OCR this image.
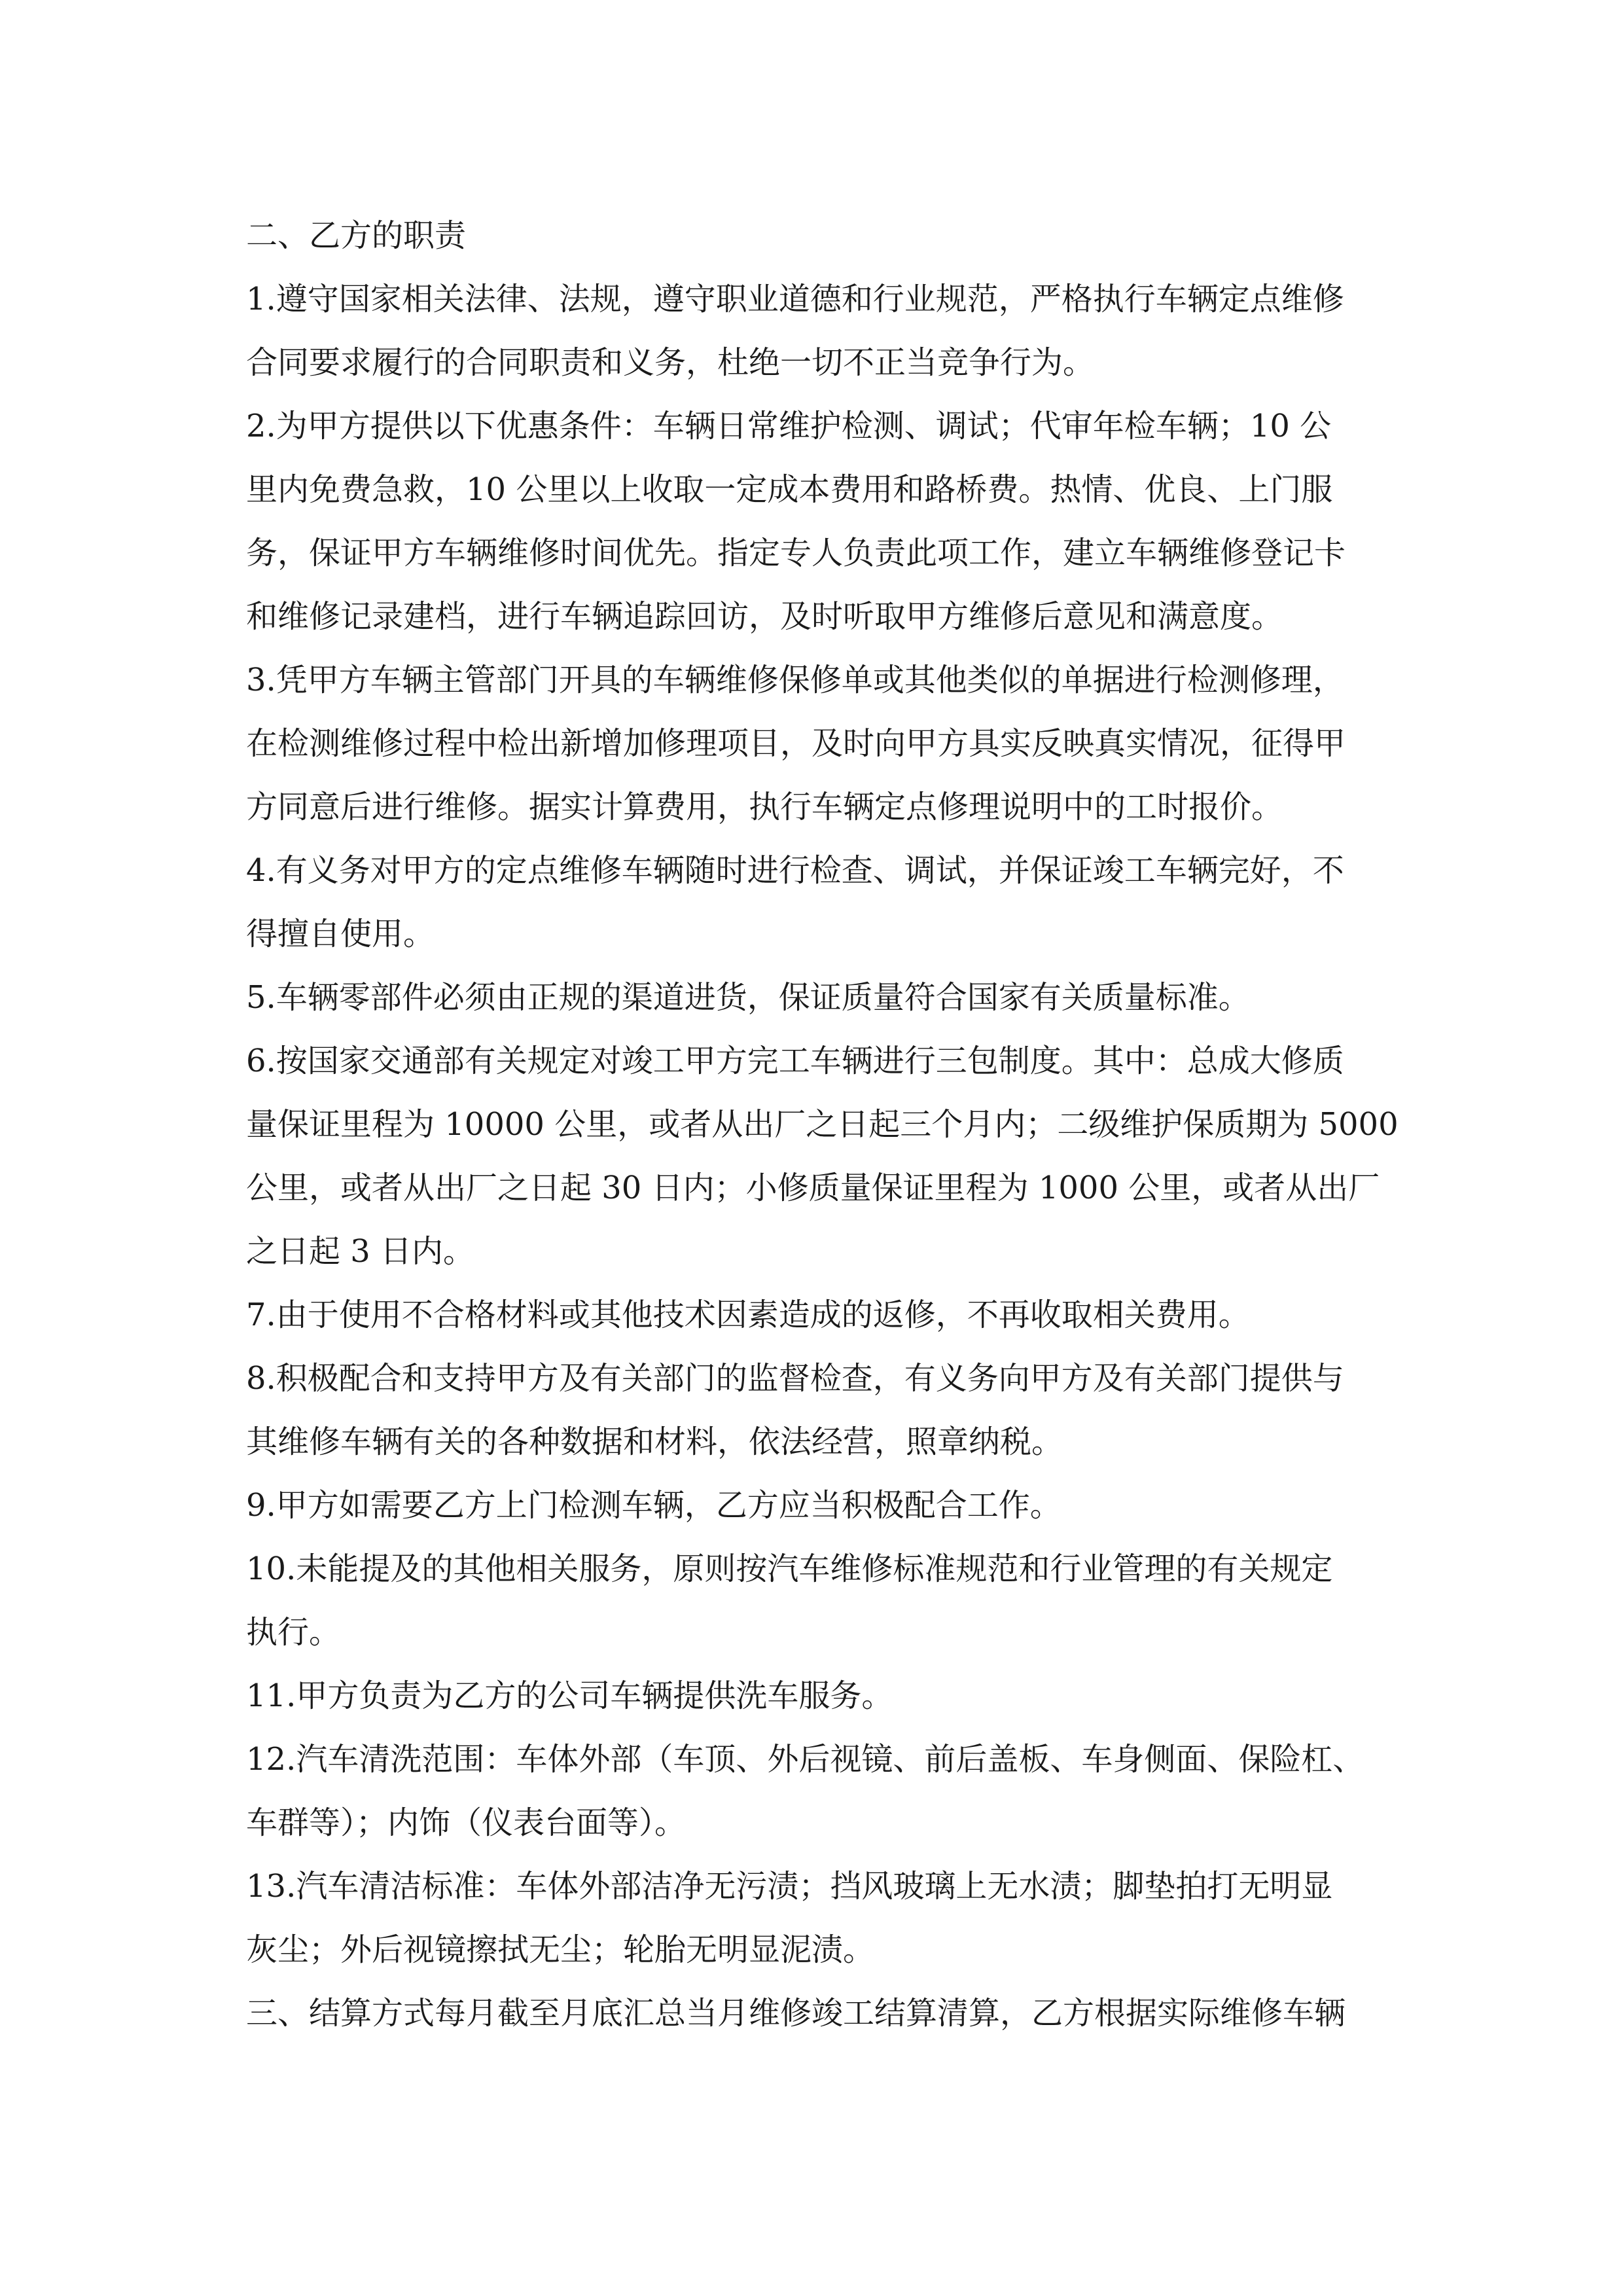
二、乙方的职责
1.遵守国家相关法律、法规，遵守职业道德和行业规范，严格执行车辆定点维修
合同要求履行的合同职责和义务，杜绝一切不正当竞争行为。
2.为甲方提供以下优惠条件：车辆日常维护检测、调试；代审年检车辆；10 公
里内免费急救，10 公里以上收取一定成本费用和路桥费。热情、优良、上门服
务，保证甲方车辆维修时间优先。指定专人负责此项工作，建立车辆维修登记卡
和维修记录建档，进行车辆追踪回访，及时听取甲方维修后意见和满意度。
3.凭甲方车辆主管部门开具的车辆维修保修单或其他类似的单据进行检测修理，
在检测维修过程中检出新增加修理项目，及时向甲方具实反映真实情况，征得甲
方同意后进行维修。据实计算费用，执行车辆定点修理说明中的工时报价。
4.有义务对甲方的定点维修车辆随时进行检查、调试，并保证竣工车辆完好，不
得擅自使用。
5.车辆零部件必须由正规的渠道进货，保证质量符合国家有关质量标准。
6.按国家交通部有关规定对竣工甲方完工车辆进行三包制度。其中：总成大修质
量保证里程为 10000 公里，或者从出厂之日起三个月内；二级维护保质期为 5000
公里，或者从出厂之日起 30 日内；小修质量保证里程为 1000 公里，或者从出厂
之日起 3 日内。
7.由于使用不合格材料或其他技术因素造成的返修，不再收取相关费用。
8.积极配合和支持甲方及有关部门的监督检查，有义务向甲方及有关部门提供与
其维修车辆有关的各种数据和材料，依法经营，照章纳税。
9.甲方如需要乙方上门检测车辆，乙方应当积极配合工作。
10.未能提及的其他相关服务，原则按汽车维修标准规范和行业管理的有关规定
执行。
11.甲方负责为乙方的公司车辆提供洗车服务。
12.汽车清洗范围：车体外部（车顶、外后视镜、前后盖板、车身侧面、保险杠、
车群等）；内饰（仪表台面等）。
13.汽车清洁标准：车体外部洁净无污渍；挡风玻璃上无水渍；脚垫拍打无明显
灰尘；外后视镜擦拭无尘；轮胎无明显泥渍。
三、结算方式每月截至月底汇总当月维修竣工结算清算，乙方根据实际维修车辆
